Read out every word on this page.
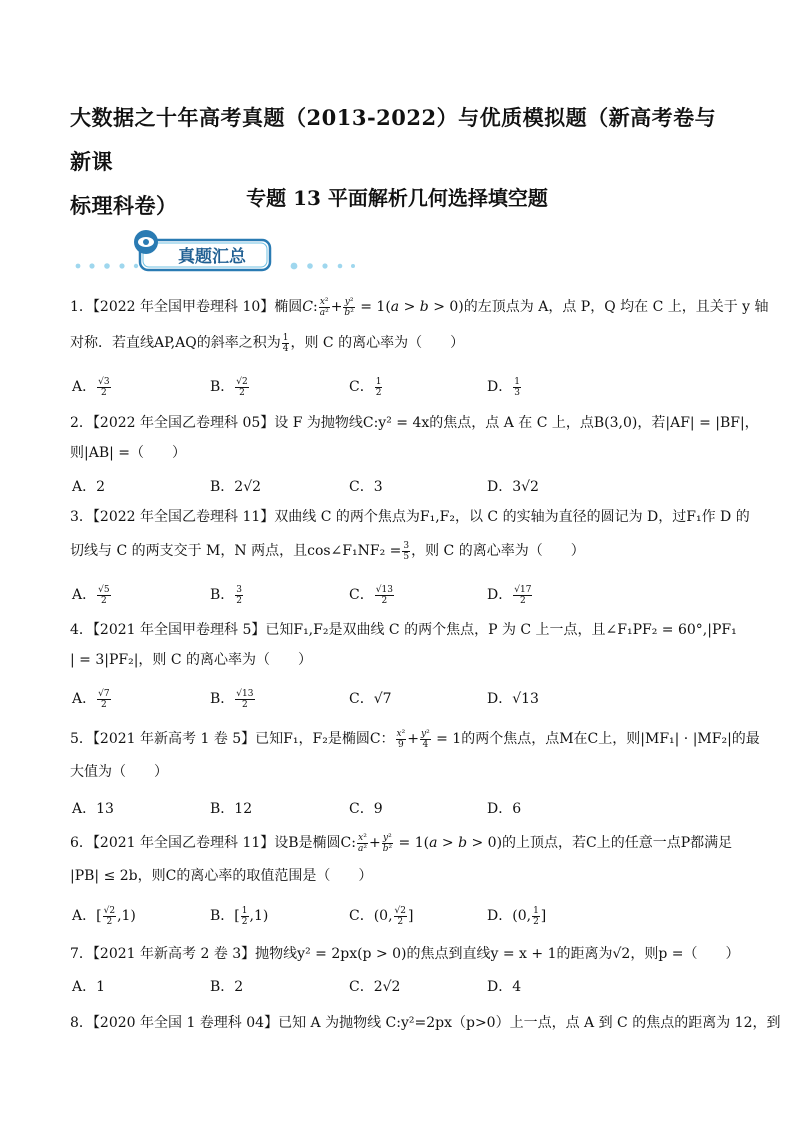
大数据之十年高考真题（2013-2022）与优质模拟题（新高考卷与新课
标理科卷）	专题 13 平面解析几何选择填空题
真题汇总
1．【2022 年全国甲卷理科 10】椭圆C: $\frac{\text{x²}}{\text{a²}} + \frac{\text{y²}}{\text{b²}} = 1(a > b > 0)$的左顶点为 A，点 P，Q 均在 C 上，且关于 y 轴
对称．若直线AP,AQ的斜率之积为 $\frac{1}{4}$ ，则 C 的离心率为（　　）
A． $\frac{√3}{2}$	B． $\frac{√2}{2}$	C． $\frac{1}{2}$	D． $\frac{1}{3}$
2．【2022 年全国乙卷理科 05】设 F 为抛物线C:y² = 4x的焦点，点 A 在 C 上，点B(3,0)，若|AF| = |BF|，
则|AB| =（　　）
A．2	B．2√2	C．3	D．3√2
3．【2022 年全国乙卷理科 11】双曲线 C 的两个焦点为F₁,F₂，以 C 的实轴为直径的圆记为 D，过F₁作 D 的
切线与 C 的两支交于 M，N 两点，且cos∠F₁NF₂ = $\frac{3}{5}$ ，则 C 的离心率为（　　）
A． $\frac{√5}{2}$	B． $\frac{3}{2}$	C． $\frac{√13}{2}$	D． $\frac{√17}{2}$
4．【2021 年全国甲卷理科 5】已知F₁,F₂是双曲线 C 的两个焦点，P 为 C 上一点，且∠F₁PF₂ = 60°,|PF₁
| = 3|PF₂|，则 C 的离心率为（　　）
A． $\frac{√7}{2}$	B． $\frac{√13}{2}$	C．√7	D．√13
5．【2021 年新高考 1 卷 5】已知F₁，F₂是椭圆C： $\frac{\text{x²}}{9} + \frac{\text{y²}}{4} = 1$的两个焦点，点M在C上，则|MF₁| · |MF₂|的最
大值为（　　）
A．13	B．12	C．9	D．6
6．【2021 年全国乙卷理科 11】设B是椭圆C: $\frac{\text{x²}}{\text{a²}} + \frac{\text{y²}}{\text{b²}} = 1(a > b > 0)$的上顶点，若C上的任意一点P都满足
|PB| ≤ 2b，则C的离心率的取值范围是（　　）
A．[ $\frac{√2}{2} ,1$)	B．[ $\frac{1}{2} ,1$)	C．(0, $\frac{√2}{2}$ ]	D．(0, $\frac{1}{2}$ ]
7．【2021 年新高考 2 卷 3】抛物线y² = 2px(p > 0)的焦点到直线y = x + 1的距离为√2，则p =（　　）
A．1	B．2	C．2√2	D．4
8．【2020 年全国 1 卷理科 04】已知 A 为抛物线 C:y²=2px（p>0）上一点，点 A 到 C 的焦点的距离为 12，到
